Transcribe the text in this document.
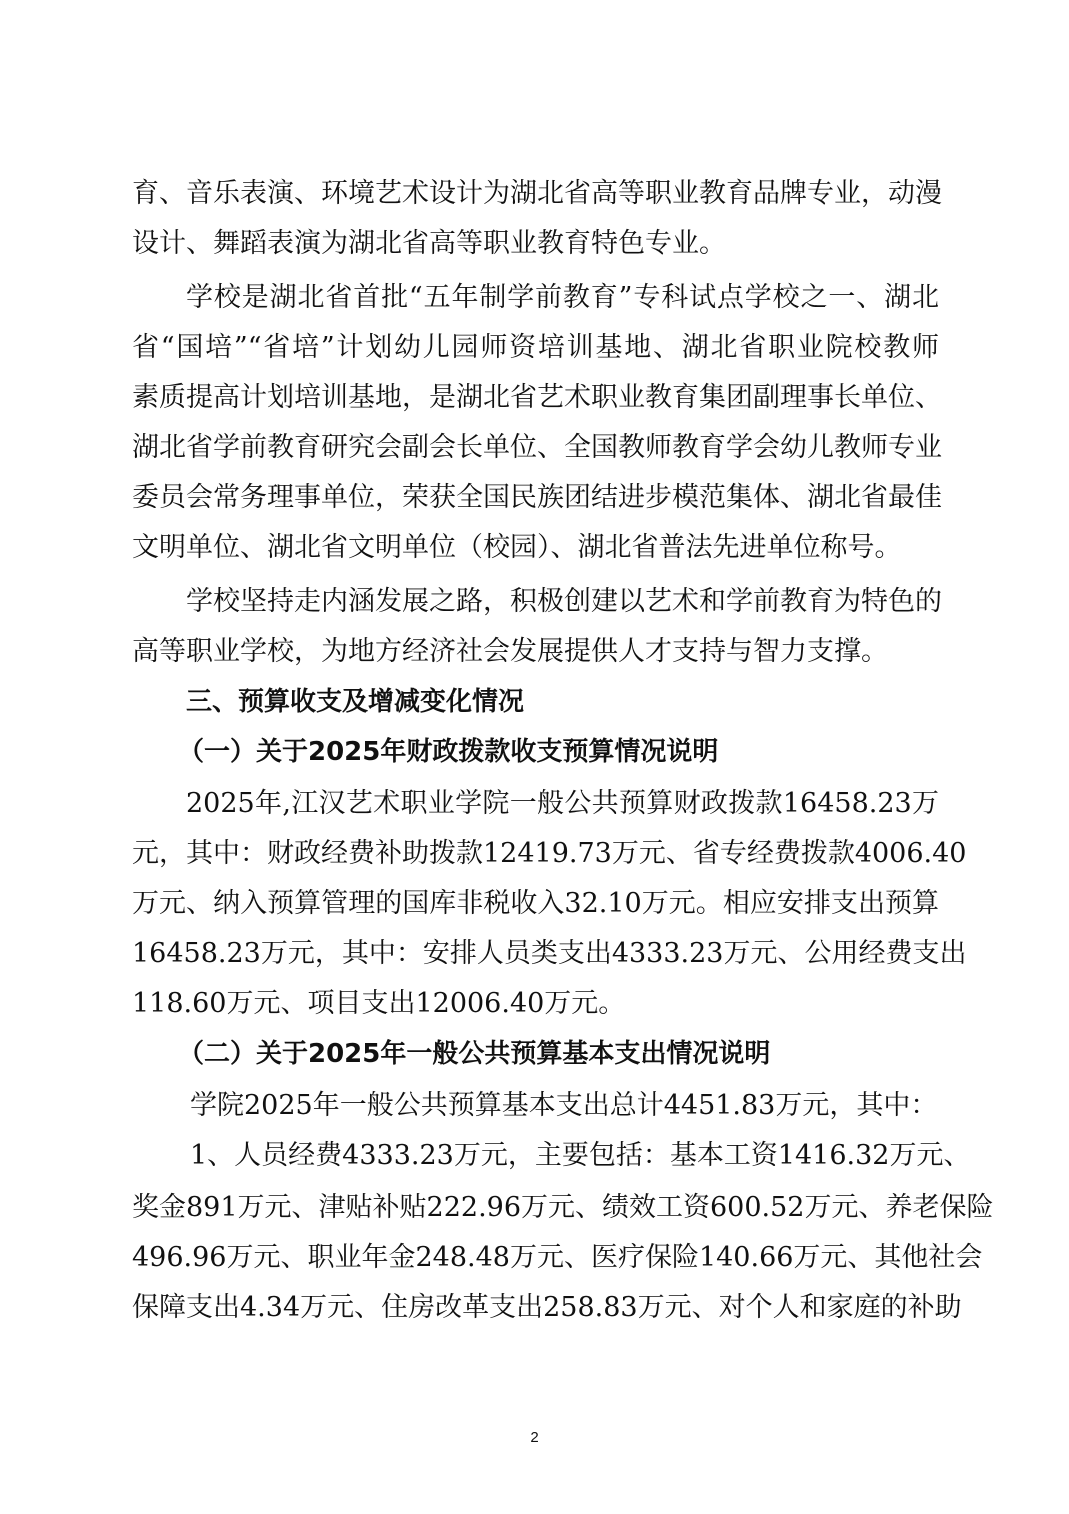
育、音乐表演、环境艺术设计为湖北省高等职业教育品牌专业，动漫
设计、舞蹈表演为湖北省高等职业教育特色专业。
学校是湖北省首批“五年制学前教育”专科试点学校之一、湖北
省“国培”“省培”计划幼儿园师资培训基地、湖北省职业院校教师
素质提高计划培训基地，是湖北省艺术职业教育集团副理事长单位、
湖北省学前教育研究会副会长单位、全国教师教育学会幼儿教师专业
委员会常务理事单位，荣获全国民族团结进步模范集体、湖北省最佳
文明单位、湖北省文明单位（校园）、湖北省普法先进单位称号。
学校坚持走内涵发展之路，积极创建以艺术和学前教育为特色的
高等职业学校，为地方经济社会发展提供人才支持与智力支撑。
三、预算收支及增减变化情况
（一）关于2025年财政拨款收支预算情况说明
2025年,江汉艺术职业学院一般公共预算财政拨款16458.23万
元，其中：财政经费补助拨款12419.73万元、省专经费拨款4006.40
万元、纳入预算管理的国库非税收入32.10万元。相应安排支出预算
16458.23万元，其中：安排人员类支出4333.23万元、公用经费支出
118.60万元、项目支出12006.40万元。
（二）关于2025年一般公共预算基本支出情况说明
学院2025年一般公共预算基本支出总计4451.83万元，其中：
1、人员经费4333.23万元，主要包括：基本工资1416.32万元、
奖金891万元、津贴补贴222.96万元、绩效工资600.52万元、养老保险
496.96万元、职业年金248.48万元、医疗保险140.66万元、其他社会
保障支出4.34万元、住房改革支出258.83万元、对个人和家庭的补助
2
